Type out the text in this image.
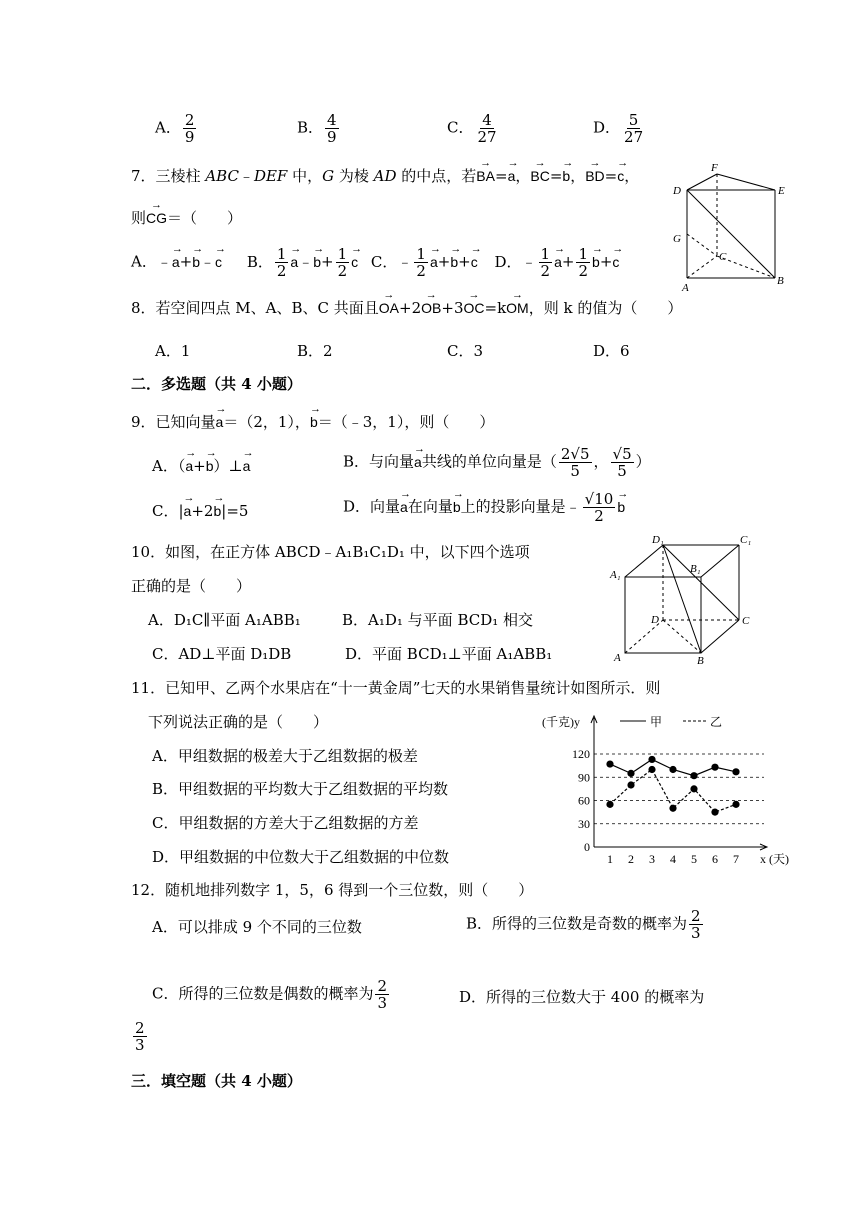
A． $\frac{2}{9}$	B． $\frac{4}{9}$	C． $\frac{4}{27}$	D． $\frac{5}{27}$
7．三棱柱 ABC﹣DEF 中，G 为棱 AD 的中点，若→ BA=→ a，→ BC=→ b，→ BD=→ c，
则→ CG＝（　　）
A．﹣→ a+→ b﹣→ c B． $\frac{1}{2}$ → a﹣→ $b+ \frac{1}{2} \to c$ C．﹣ $\frac{1}{2} \to a+\to b+\to c$ D．﹣ $\frac{1}{2} \to a+ \frac{1}{2} \to b+\to c$
F
D	E
G
C
A
B
8．若空间四点 M、A、B、C 共面且→ OA+2→ OB+3→ OC=k→ OM，则 k 的值为（　　）
A．1	B．2	C．3	D．6
二．多选题（共 4 小题）
9．已知向量→ a＝（2，1），→ b＝（﹣3，1），则（　　）
A．（→ a+→ b）⊥→ a	B．与向量→ a共线的单位向量是（ $\frac{2√5}{5}$ ， $\frac{√5}{5}$ ）
C．|→ a+2→ b|=5	D．向量→ a在向量→ b上的投影向量是﹣ $\frac{√10}{2} \to b$
10．如图，在正方体 ABCD﹣A₁B₁C₁D₁ 中，以下四个选项
正确的是（　　）
A．D₁C∥平面 A₁ABB₁	B．A₁D₁ 与平面 BCD₁ 相交
C．AD⊥平面 D₁DB	D．平面 BCD₁⊥平面 A₁ABB₁
D₁	C₁
A₁	B₁
D	C
A	B
11．已知甲、乙两个水果店在“十一黄金周”七天的水果销售量统计如图所示．则
下列说法正确的是（　　）
A．甲组数据的极差大于乙组数据的极差
B．甲组数据的平均数大于乙组数据的平均数
C．甲组数据的方差大于乙组数据的方差
D．甲组数据的中位数大于乙组数据的中位数
(千克)y	甲	乙
x (天)
0
30
60
90
120
1 2 3 4 5 6 7
12．随机地排列数字 1，5，6 得到一个三位数，则（　　）
A．可以排成 9 个不同的三位数	B．所得的三位数是奇数的概率为 $\frac{2}{3}$
C．所得的三位数是偶数的概率为 $\frac{2}{3}$	D．所得的三位数大于 400 的概率为
$\frac{2}{3}$
三．填空题（共 4 小题）
